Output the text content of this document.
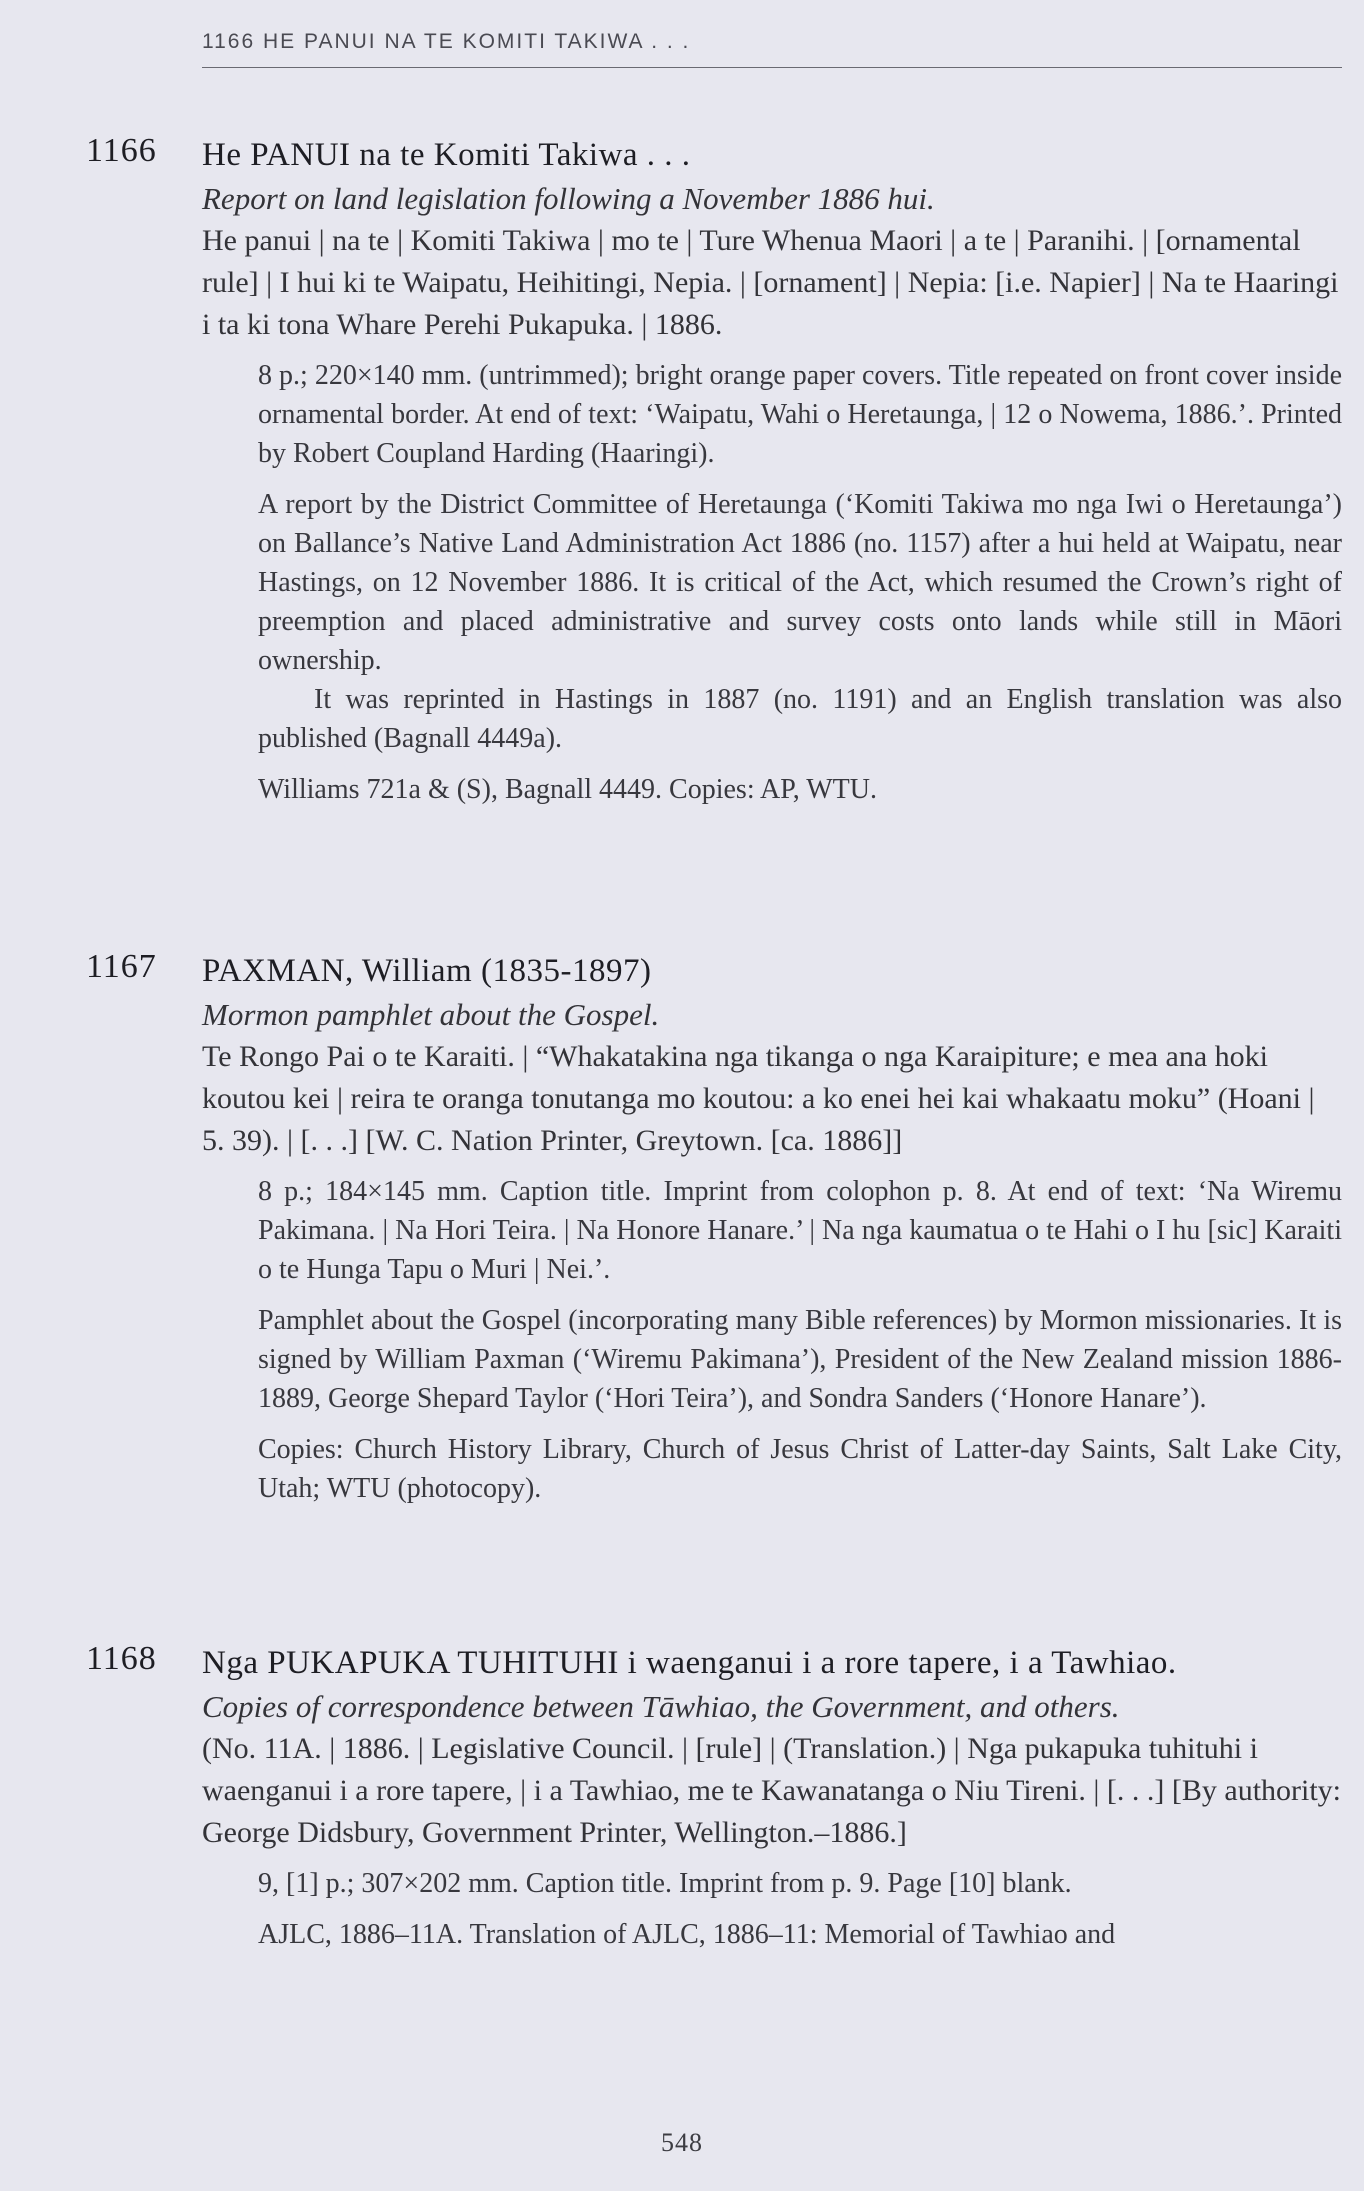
1166 HE PANUI NA TE KOMITI TAKIWA . . .
1166 He PANUI na te Komiti Takiwa . . .
Report on land legislation following a November 1886 hui.
He panui | na te | Komiti Takiwa | mo te | Ture Whenua Maori | a te | Paranihi. | [ornamental rule] | I hui ki te Waipatu, Heihitingi, Nepia. | [ornament] | Nepia: [i.e. Napier] | Na te Haaringi i ta ki tona Whare Perehi Pukapuka. | 1886.

8 p.; 220×140 mm. (untrimmed); bright orange paper covers. Title repeated on front cover inside ornamental border. At end of text: ‘Waipatu, Wahi o Heretaunga, | 12 o Nowema, 1886.’. Printed by Robert Coupland Harding (Haaringi).

A report by the District Committee of Heretaunga (‘Komiti Takiwa mo nga Iwi o Heretaunga’) on Ballance’s Native Land Administration Act 1886 (no. 1157) after a hui held at Waipatu, near Hastings, on 12 November 1886. It is critical of the Act, which resumed the Crown’s right of preemption and placed administrative and survey costs onto lands while still in Māori ownership.

It was reprinted in Hastings in 1887 (no. 1191) and an English translation was also published (Bagnall 4449a).

Williams 721a & (S), Bagnall 4449. Copies: AP, WTU.

1167 PAXMAN, William (1835-1897)
Mormon pamphlet about the Gospel.
Te Rongo Pai o te Karaiti. | “Whakatakina nga tikanga o nga Karaipiture; e mea ana hoki koutou kei | reira te oranga tonutanga mo koutou: a ko enei hei kai whakaatu moku” (Hoani | 5. 39). | [. . .] [W. C. Nation Printer, Greytown. [ca. 1886]]

8 p.; 184×145 mm. Caption title. Imprint from colophon p. 8. At end of text: ‘Na Wiremu Pakimana. | Na Hori Teira. | Na Honore Hanare.’ | Na nga kaumatua o te Hahi o I hu [sic] Karaiti o te Hunga Tapu o Muri | Nei.’.

Pamphlet about the Gospel (incorporating many Bible references) by Mormon missionaries. It is signed by William Paxman (‘Wiremu Pakimana’), President of the New Zealand mission 1886-1889, George Shepard Taylor (‘Hori Teira’), and Sondra Sanders (‘Honore Hanare’).

Copies: Church History Library, Church of Jesus Christ of Latter-day Saints, Salt Lake City, Utah; WTU (photocopy).

1168 Nga PUKAPUKA TUHITUHI i waenganui i a rore tapere, i a Tawhiao.
Copies of correspondence between Tāwhiao, the Government, and others.
(No. 11A. | 1886. | Legislative Council. | [rule] | (Translation.) | Nga pukapuka tuhituhi i waenganui i a rore tapere, | i a Tawhiao, me te Kawanatanga o Niu Tireni. | [. . .] [By authority: George Didsbury, Government Printer, Wellington.–1886.]

9, [1] p.; 307×202 mm. Caption title. Imprint from p. 9. Page [10] blank.

AJLC, 1886–11A. Translation of AJLC, 1886–11: Memorial of Tawhiao and

548
